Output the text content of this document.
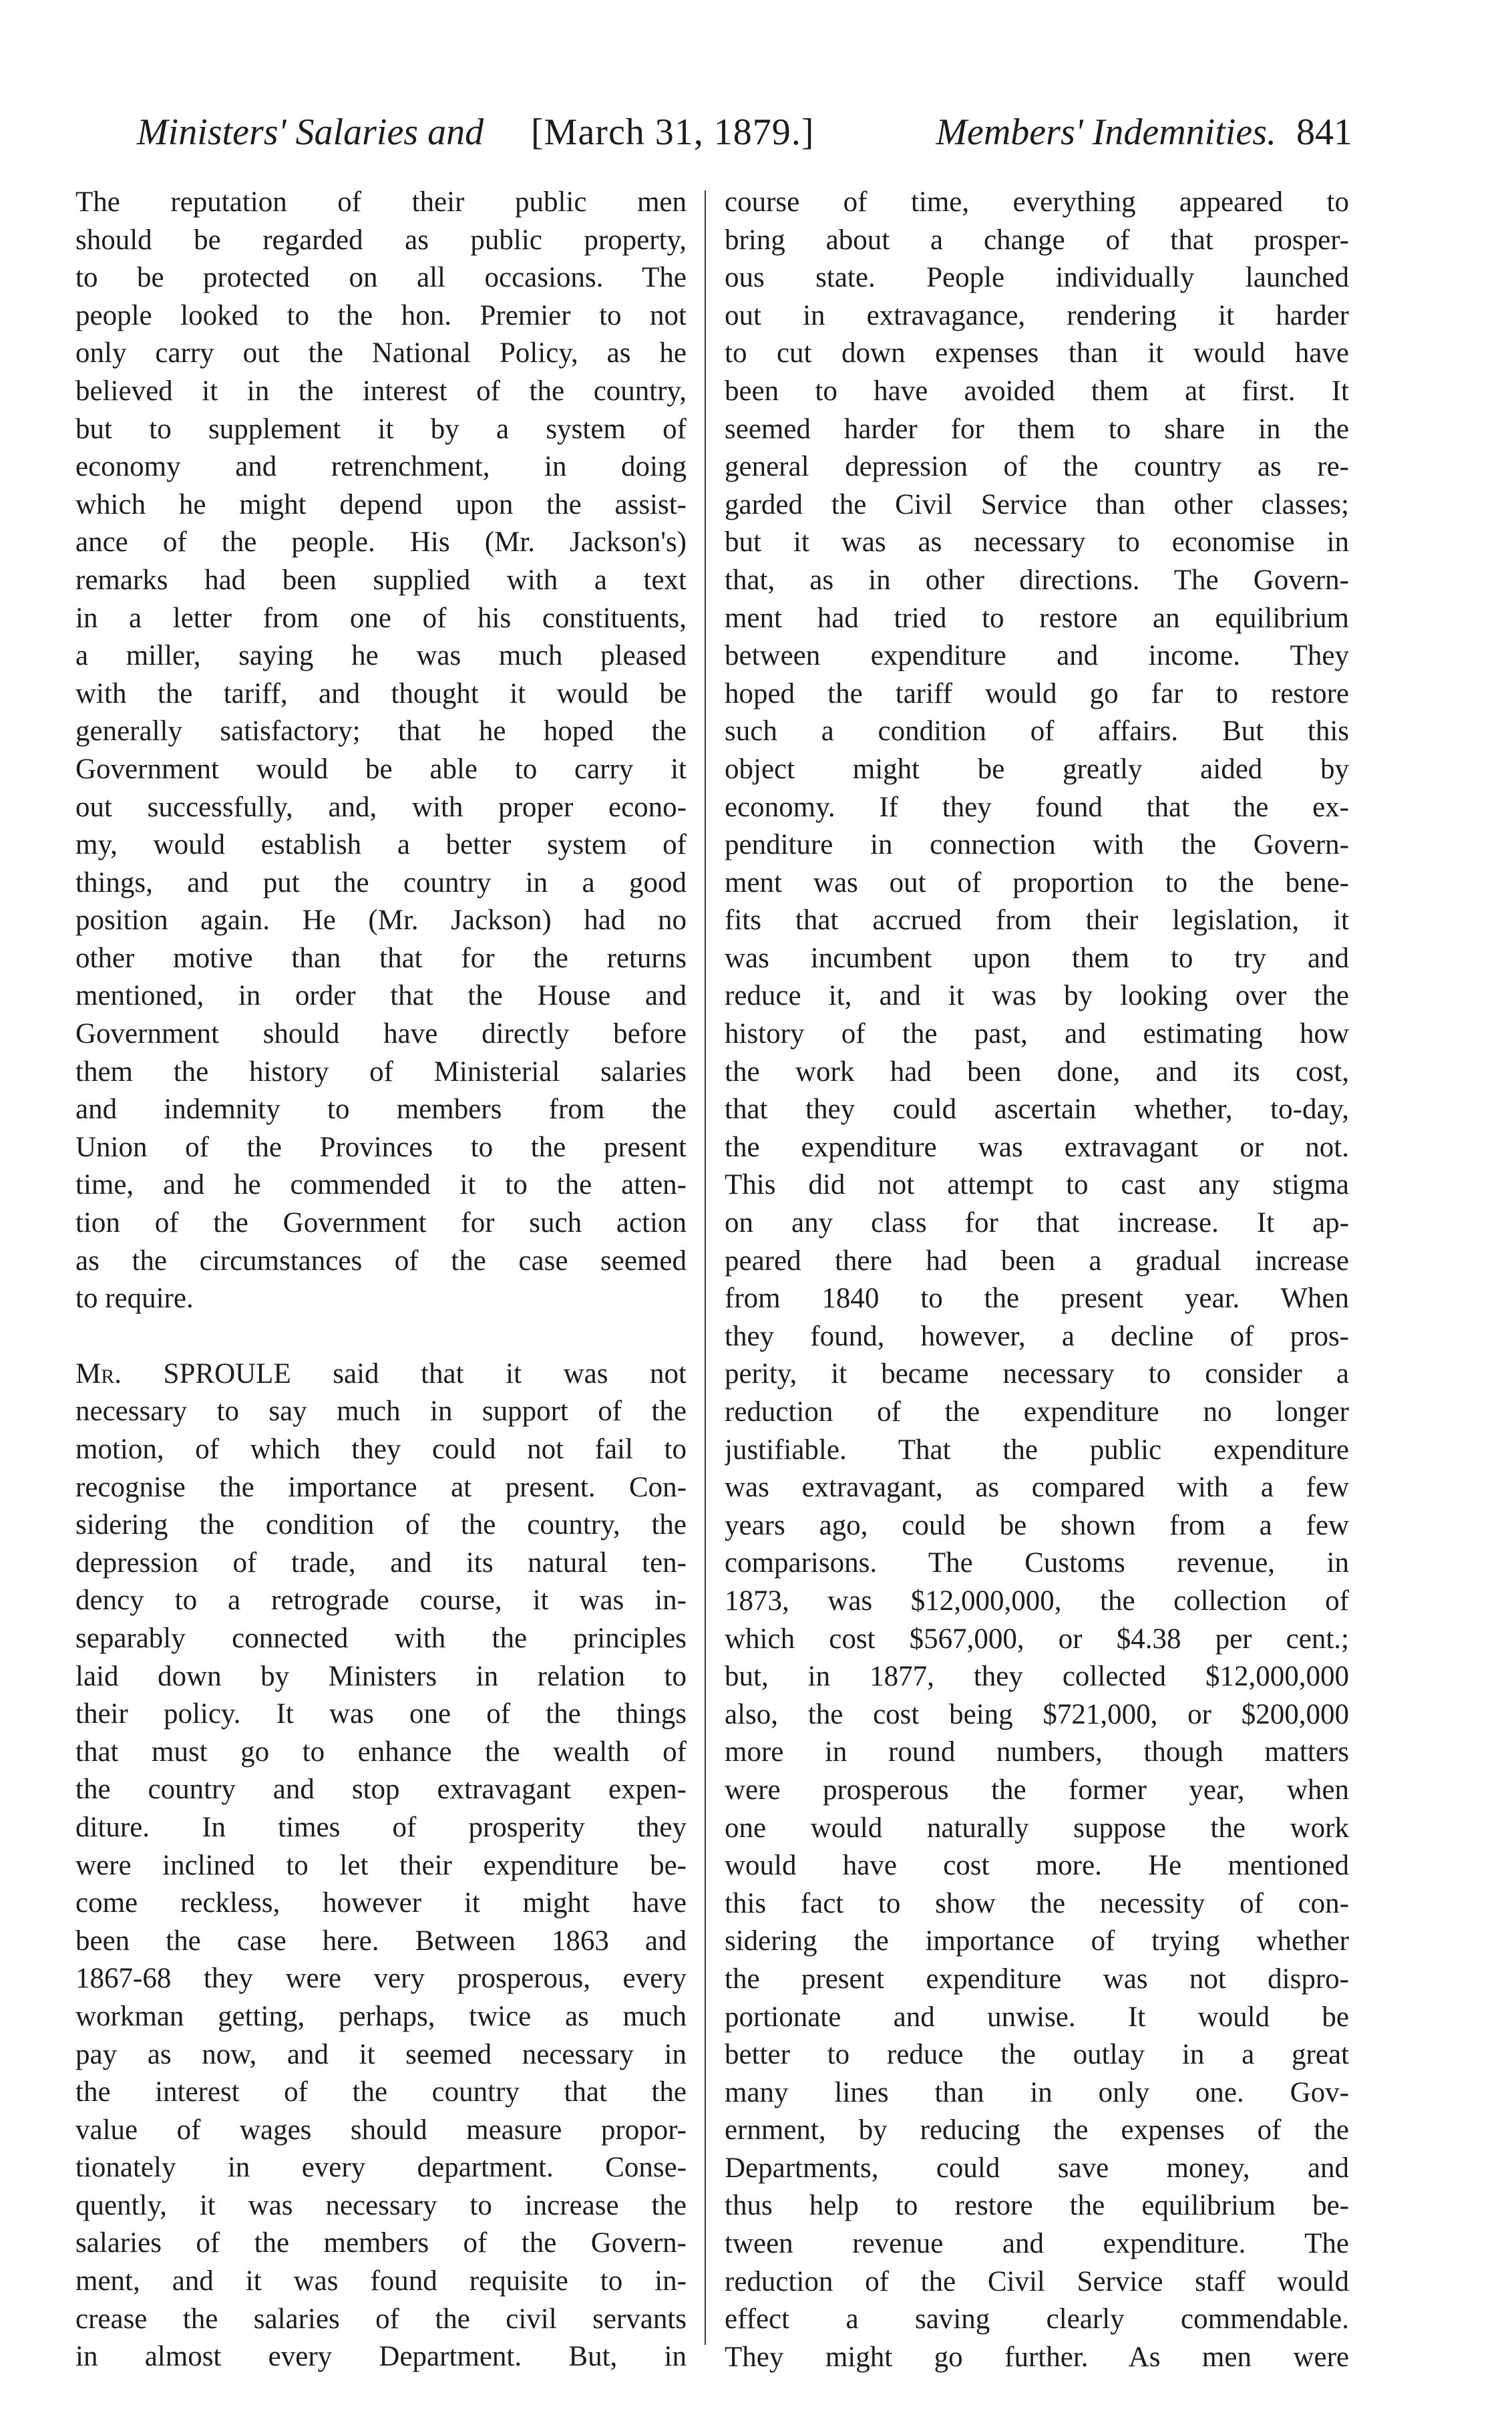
Ministers' Salaries and [March 31, 1879.]	Members' Indemnities. 841
The reputation of their public men
should be regarded as public property,
to be protected on all occasions. The
people looked to the hon. Premier to not
only carry out the National Policy, as he
believed it in the interest of the country,
but to supplement it by a system of
economy and retrenchment, in doing
which he might depend upon the assist-
ance of the people. His (Mr. Jackson's)
remarks had been supplied with a text
in a letter from one of his constituents,
a miller, saying he was much pleased
with the tariff, and thought it would be
generally satisfactory; that he hoped the
Government would be able to carry it
out successfully, and, with proper econo-
my, would establish a better system of
things, and put the country in a good
position again. He (Mr. Jackson) had no
other motive than that for the returns
mentioned, in order that the House and
Government should have directly before
them the history of Ministerial salaries
and indemnity to members from the
Union of the Provinces to the present
time, and he commended it to the atten-
tion of the Government for such action
as the circumstances of the case seemed
to require.
Mr. SPROULE said that it was not
necessary to say much in support of the
motion, of which they could not fail to
recognise the importance at present. Con-
sidering the condition of the country, the
depression of trade, and its natural ten-
dency to a retrograde course, it was in-
separably connected with the principles
laid down by Ministers in relation to
their policy. It was one of the things
that must go to enhance the wealth of
the country and stop extravagant expen-
diture. In times of prosperity they
were inclined to let their expenditure be-
come reckless, however it might have
been the case here. Between 1863 and
1867-68 they were very prosperous, every
workman getting, perhaps, twice as much
pay as now, and it seemed necessary in
the interest of the country that the
value of wages should measure propor-
tionately in every department. Conse-
quently, it was necessary to increase the
salaries of the members of the Govern-
ment, and it was found requisite to in-
crease the salaries of the civil servants
in almost every Department. But, in
course of time, everything appeared to
bring about a change of that prosper-
ous state. People individually launched
out in extravagance, rendering it harder
to cut down expenses than it would have
been to have avoided them at first. It
seemed harder for them to share in the
general depression of the country as re-
garded the Civil Service than other classes;
but it was as necessary to economise in
that, as in other directions. The Govern-
ment had tried to restore an equilibrium
between expenditure and income. They
hoped the tariff would go far to restore
such a condition of affairs. But this
object might be greatly aided by
economy. If they found that the ex-
penditure in connection with the Govern-
ment was out of proportion to the bene-
fits that accrued from their legislation, it
was incumbent upon them to try and
reduce it, and it was by looking over the
history of the past, and estimating how
the work had been done, and its cost,
that they could ascertain whether, to-day,
the expenditure was extravagant or not.
This did not attempt to cast any stigma
on any class for that increase. It ap-
peared there had been a gradual increase
from 1840 to the present year. When
they found, however, a decline of pros-
perity, it became necessary to consider a
reduction of the expenditure no longer
justifiable. That the public expenditure
was extravagant, as compared with a few
years ago, could be shown from a few
comparisons. The Customs revenue, in
1873, was $12,000,000, the collection of
which cost $567,000, or $4.38 per cent.;
but, in 1877, they collected $12,000,000
also, the cost being $721,000, or $200,000
more in round numbers, though matters
were prosperous the former year, when
one would naturally suppose the work
would have cost more. He mentioned
this fact to show the necessity of con-
sidering the importance of trying whether
the present expenditure was not dispro-
portionate and unwise. It would be
better to reduce the outlay in a great
many lines than in only one. Gov-
ernment, by reducing the expenses of the
Departments, could save money, and
thus help to restore the equilibrium be-
tween revenue and expenditure. The
reduction of the Civil Service staff would
effect a saving clearly commendable.
They might go further. As men were
